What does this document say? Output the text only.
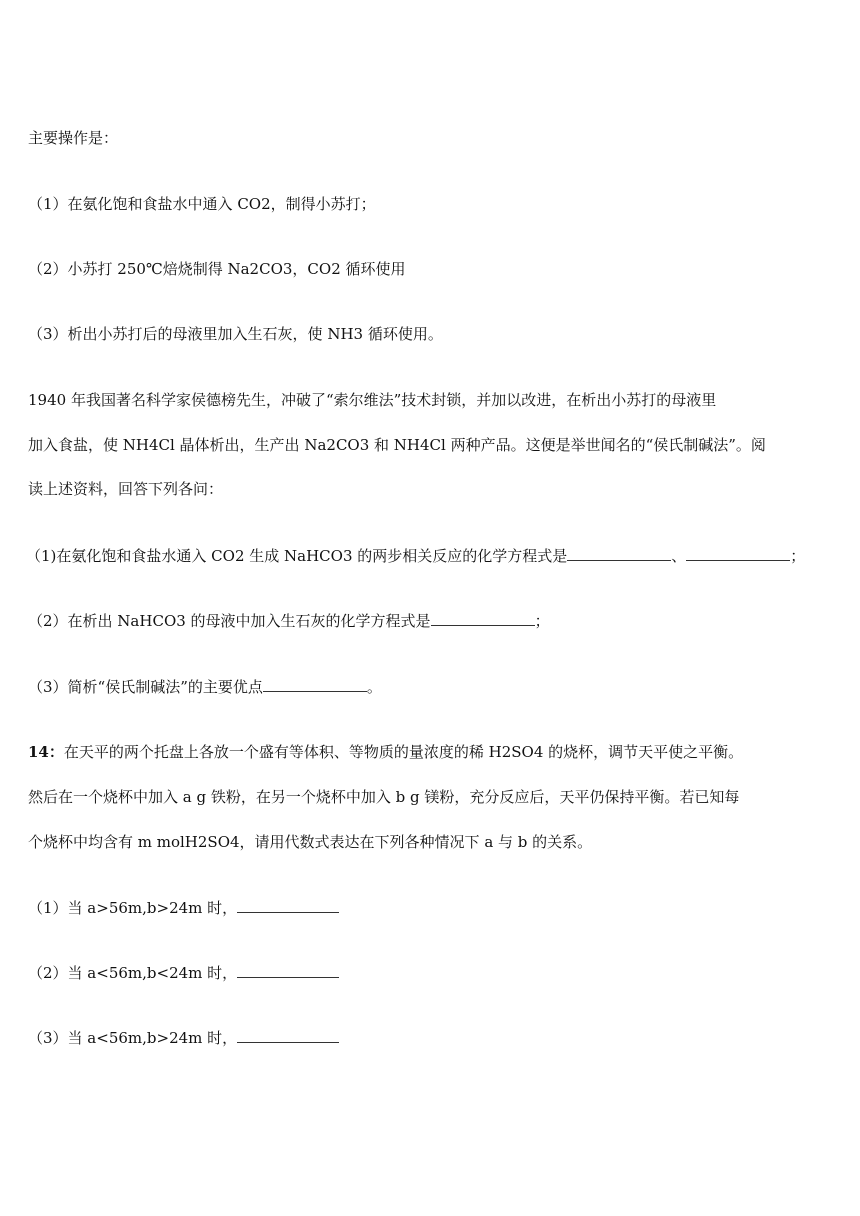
主要操作是：
（1）在氨化饱和食盐水中通入 CO2，制得小苏打；
（2）小苏打 250℃焙烧制得 Na2CO3，CO2 循环使用
（3）析出小苏打后的母液里加入生石灰，使 NH3 循环使用。
1940 年我国著名科学家侯德榜先生，冲破了“索尔维法”技术封锁，并加以改进，在析出小苏打的母液里
加入食盐，使 NH4Cl 晶体析出，生产出 Na2CO3 和 NH4Cl 两种产品。这便是举世闻名的“侯氏制碱法”。阅
读上述资料，回答下列各问：
（1)在氨化饱和食盐水通入 CO2 生成 NaHCO3 的两步相关反应的化学方程式是	、	；
（2）在析出 NaHCO3 的母液中加入生石灰的化学方程式是	；
（3）简析“侯氏制碱法”的主要优点	。
14：在天平的两个托盘上各放一个盛有等体积、等物质的量浓度的稀 H2SO4 的烧杯，调节天平使之平衡。
然后在一个烧杯中加入 a g 铁粉，在另一个烧杯中加入 b g 镁粉，充分反应后，天平仍保持平衡。若已知每
个烧杯中均含有 m molH2SO4，请用代数式表达在下列各种情况下 a 与 b 的关系。
（1）当 a>56m,b>24m 时，
（2）当 a<56m,b<24m 时，
（3）当 a<56m,b>24m 时，
